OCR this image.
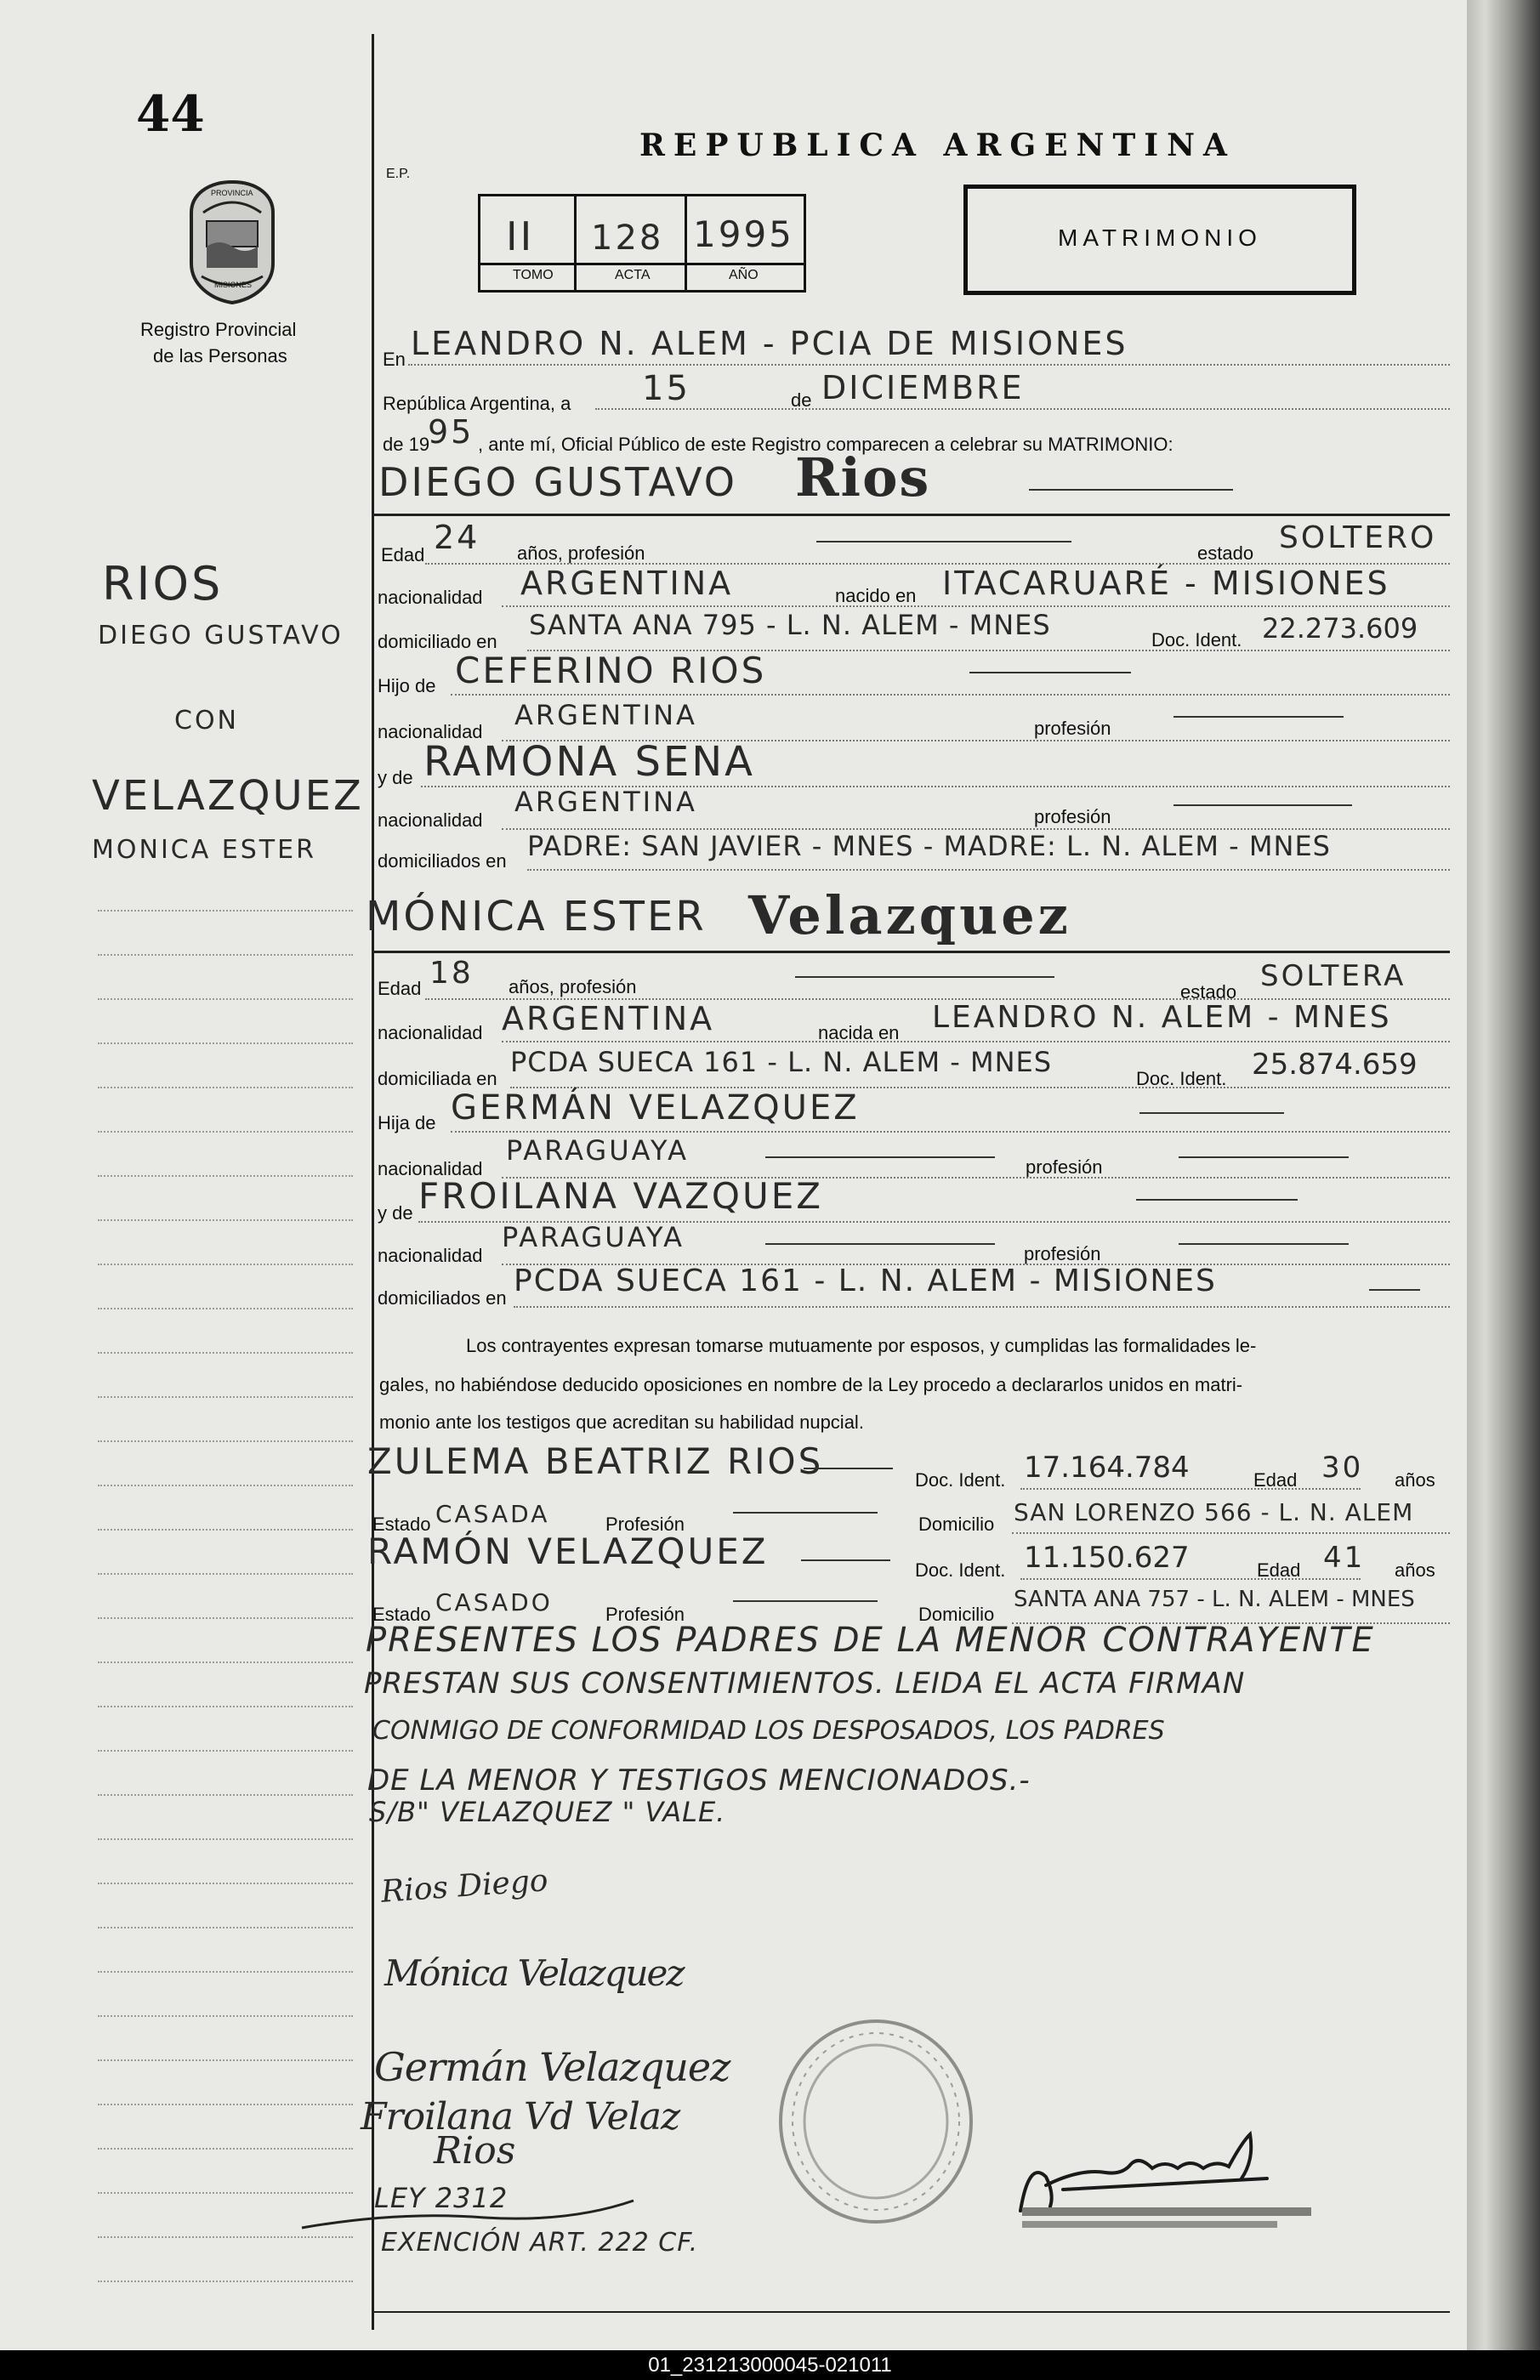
44
PROVINCIA
MISIONES
Registro Provincial
de las Personas
REPUBLICA ARGENTINA
E.P.
II 128 1995
TOMO	ACTA	AÑO
MATRIMONIO
RIOS
DIEGO GUSTAVO
CON
VELAZQUEZ
MONICA ESTER
En LEANDRO N. ALEM - PCIA DE MISIONES
República Argentina, a 15	de DICIEMBRE
de 19
95 , ante mí, Oficial Público de este Registro comparecen a celebrar su MATRIMONIO:
DIEGO GUSTAVO Rios
Edad 24 años, profesión	estado SOLTERO
nacionalidad ARGENTINA	nacido en ITACARUARÉ - MISIONES
domiciliado en
SANTA ANA 795 - L. N. ALEM - MNES	Doc. Ident. 22.273.609
Hijo de CEFERINO RIOS
nacionalidad
ARGENTINA	profesión
y de RAMONA SENA
nacionalidad
ARGENTINA	profesión
domiciliados en PADRE: SAN JAVIER - MNES - MADRE: L. N. ALEM - MNES
MÓNICA ESTER Velazquez
Edad 18 años, profesión	estado SOLTERA
nacionalidad ARGENTINA	nacida en LEANDRO N. ALEM - MNES
domiciliada en
PCDA SUECA 161 - L. N. ALEM - MNES
Doc. Ident. 25.874.659
Hija de GERMÁN VELAZQUEZ
nacionalidad
PARAGUAYA
profesión
y de FROILANA VAZQUEZ
nacionalidad
PARAGUAYA
profesión
domiciliados en PCDA SUECA 161 - L. N. ALEM - MISIONES
Los contrayentes expresan tomarse mutuamente por esposos, y cumplidas las formalidades le-
gales, no habiéndose deducido oposiciones en nombre de la Ley procedo a declararlos unidos en matri-
monio ante los testigos que acreditan su habilidad nupcial.
ZULEMA BEATRIZ RIOS	Doc. Ident. 17.164.784	Edad 30 años
Estado CASADA	Profesión	Domicilio SAN LORENZO 566 - L. N. ALEM
RAMÓN VELAZQUEZ	Doc. Ident. 11.150.627	Edad 41 años
Estado CASADO	Profesión	Domicilio
SANTA ANA 757 - L. N. ALEM - MNES
PRESENTES LOS PADRES DE LA MENOR CONTRAYENTE
PRESTAN SUS CONSENTIMIENTOS. LEIDA EL ACTA FIRMAN
CONMIGO DE CONFORMIDAD LOS DESPOSADOS, LOS PADRES
DE LA MENOR Y TESTIGOS MENCIONADOS.-
S/B" VELAZQUEZ " VALE.
Rios Diego
Mónica Velazquez
Germán Velazquez
Froilana Vd Velaz
Rios
LEY 2312
EXENCIÓN ART. 222 CF.
01_231213000045-021011
